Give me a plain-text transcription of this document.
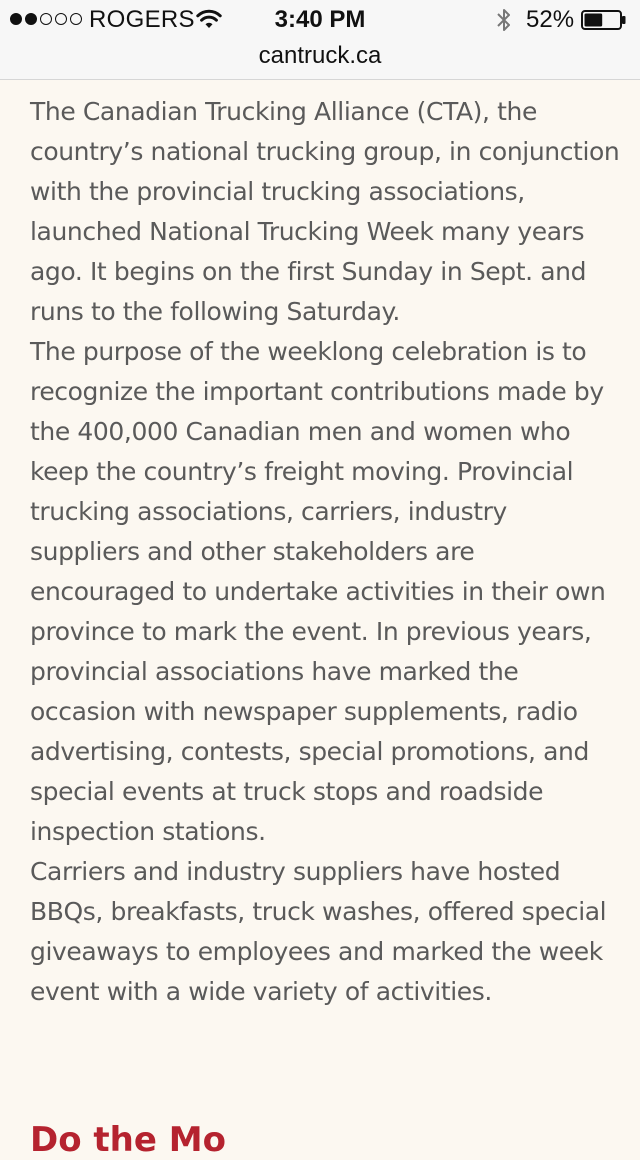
ROGERS	3:40 PM	52%
cantruck.ca

The Canadian Trucking Alliance (CTA), the country’s national trucking group, in conjunction with the provincial trucking associations, launched National Trucking Week many years ago. It begins on the first Sunday in Sept. and runs to the following Saturday.

The purpose of the weeklong celebration is to recognize the important contributions made by the 400,000 Canadian men and women who keep the country’s freight moving. Provincial trucking associations, carriers, industry suppliers and other stakeholders are encouraged to undertake activities in their own province to mark the event. In previous years, provincial associations have marked the occasion with newspaper supplements, radio advertising, contests, special promotions, and special events at truck stops and roadside inspection stations.

Carriers and industry suppliers have hosted BBQs, breakfasts, truck washes, offered special giveaways to employees and marked the week event with a wide variety of activities.

Do the Mo
